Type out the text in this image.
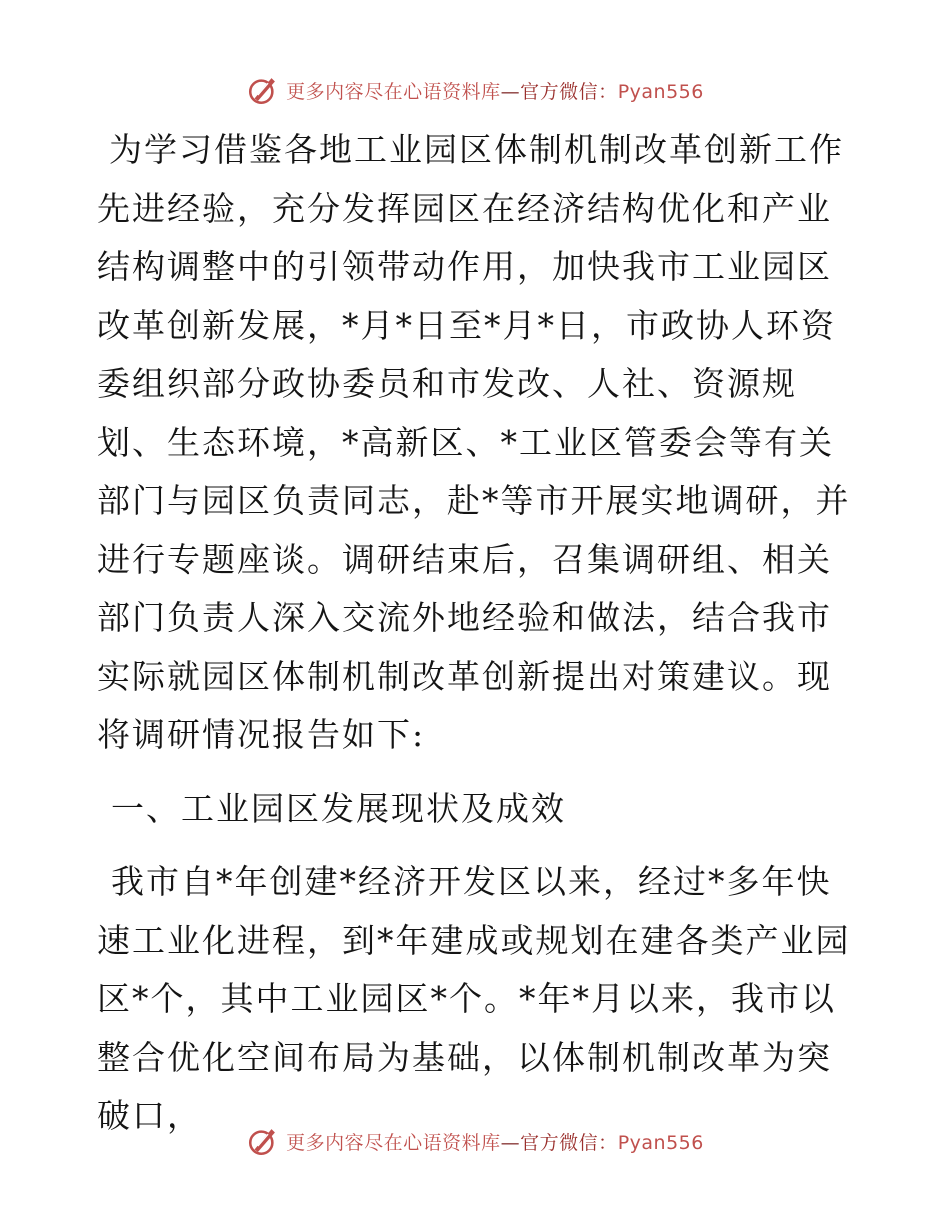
更多内容尽在心语资料库—官方微信：Pyan556

为学习借鉴各地工业园区体制机制改革创新工作先进经验，充分发挥园区在经济结构优化和产业结构调整中的引领带动作用，加快我市工业园区改革创新发展，*月*日至*月*日，市政协人环资委组织部分政协委员和市发改、人社、资源规划、生态环境，*高新区、*工业区管委会等有关部门与园区负责同志，赴*等市开展实地调研，并进行专题座谈。调研结束后，召集调研组、相关部门负责人深入交流外地经验和做法，结合我市实际就园区体制机制改革创新提出对策建议。现将调研情况报告如下:

一、工业园区发展现状及成效

我市自*年创建*经济开发区以来，经过*多年快速工业化进程，到*年建成或规划在建各类产业园区*个，其中工业园区*个。*年*月以来，我市以整合优化空间布局为基础，以体制机制改革为突破口，

更多内容尽在心语资料库—官方微信：Pyan556
